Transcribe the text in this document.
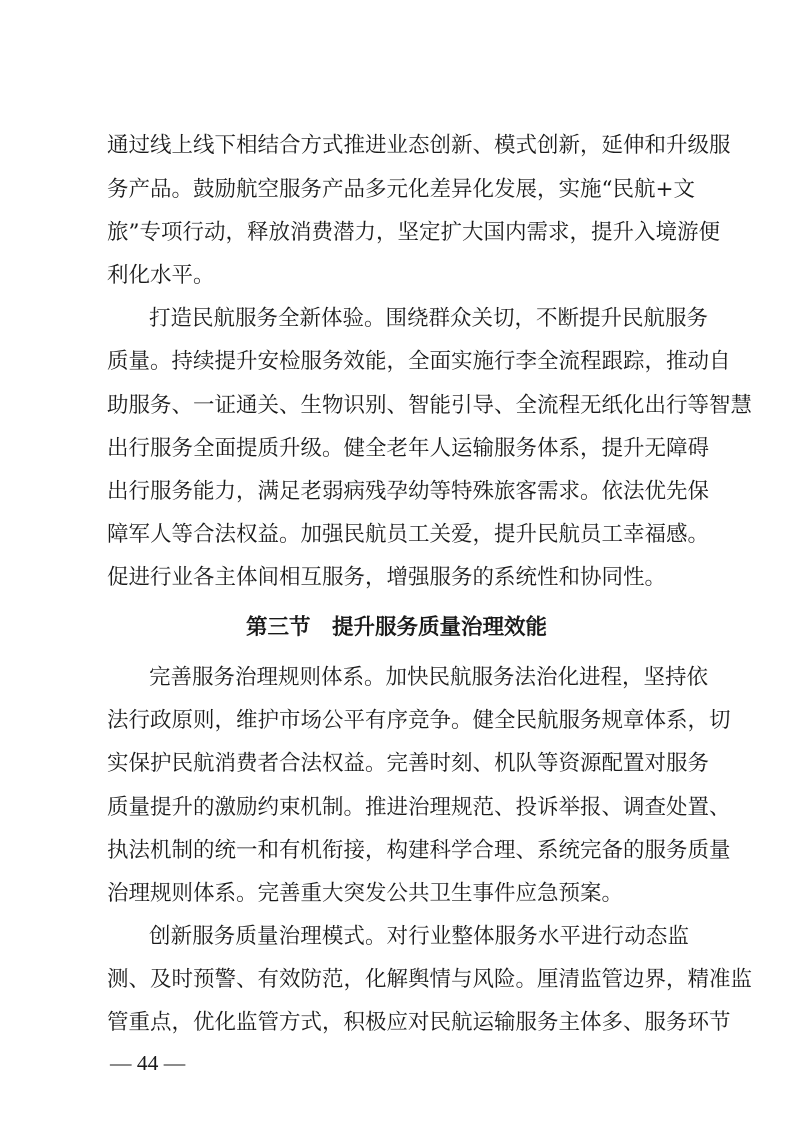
通过线上线下相结合方式推进业态创新、模式创新，延伸和升级服
务产品。鼓励航空服务产品多元化差异化发展，实施“民航+文
旅”专项行动，释放消费潜力，坚定扩大国内需求，提升入境游便
利化水平。
打造民航服务全新体验。围绕群众关切，不断提升民航服务
质量。持续提升安检服务效能，全面实施行李全流程跟踪，推动自
助服务、一证通关、生物识别、智能引导、全流程无纸化出行等智慧
出行服务全面提质升级。健全老年人运输服务体系，提升无障碍
出行服务能力，满足老弱病残孕幼等特殊旅客需求。依法优先保
障军人等合法权益。加强民航员工关爱，提升民航员工幸福感。
促进行业各主体间相互服务，增强服务的系统性和协同性。
第三节　提升服务质量治理效能
完善服务治理规则体系。加快民航服务法治化进程，坚持依
法行政原则，维护市场公平有序竞争。健全民航服务规章体系，切
实保护民航消费者合法权益。完善时刻、机队等资源配置对服务
质量提升的激励约束机制。推进治理规范、投诉举报、调查处置、
执法机制的统一和有机衔接，构建科学合理、系统完备的服务质量
治理规则体系。完善重大突发公共卫生事件应急预案。
创新服务质量治理模式。对行业整体服务水平进行动态监
测、及时预警、有效防范，化解舆情与风险。厘清监管边界，精准监
管重点，优化监管方式，积极应对民航运输服务主体多、服务环节
— 44 —
